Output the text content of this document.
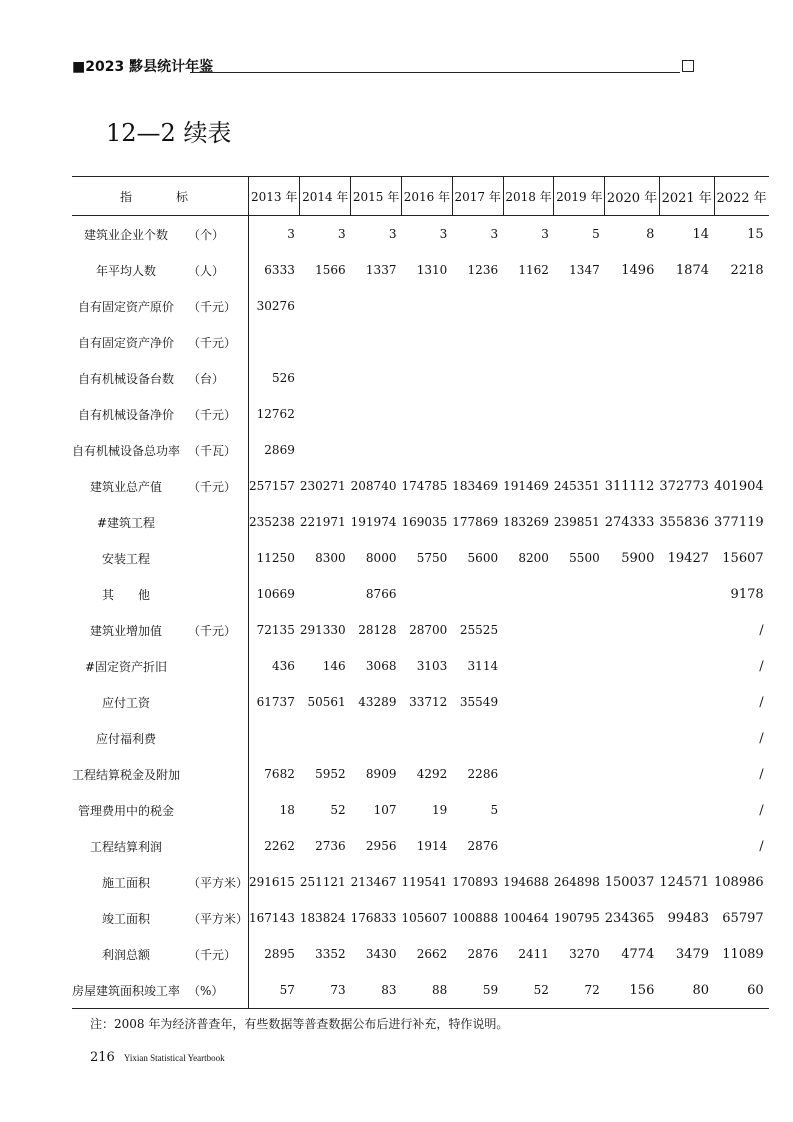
■2023 黟县统计年鉴
12—2 续表
指 标		2013 年	2014 年	2015 年	2016 年	2017 年	2018 年	2019 年	2020 年	2021 年	2022 年
建筑业企业个数	（个）	3	3	3	3	3	3	5	8	14	15
年平均人数	（人）	6333	1566	1337	1310	1236	1162	1347	1496	1874	2218
自有固定资产原价	（千元）	30276									
自有固定资产净价	（千元）										
自有机械设备台数	（台）	526									
自有机械设备净价	（千元）	12762									
自有机械设备总功率	（千瓦）	2869									
建筑业总产值	（千元）	257157	230271	208740	174785	183469	191469	245351	311112	372773	401904
#建筑工程		235238	221971	191974	169035	177869	183269	239851	274333	355836	377119
安装工程		11250	8300	8000	5750	5600	8200	5500	5900	19427	15607
其　　他		10669		8766							9178
建筑业增加值	（千元）	72135	291330	28128	28700	25525					/
#固定资产折旧		436	146	3068	3103	3114					/
应付工资		61737	50561	43289	33712	35549					/
应付福利费											/
工程结算税金及附加		7682	5952	8909	4292	2286					/
管理费用中的税金		18	52	107	19	5					/
工程结算利润		2262	2736	2956	1914	2876					/
施工面积	（平方米）	291615	251121	213467	119541	170893	194688	264898	150037	124571	108986
竣工面积	（平方米）	167143	183824	176833	105607	100888	100464	190795	234365	99483	65797
利润总额	（千元）	2895	3352	3430	2662	2876	2411	3270	4774	3479	11089
房屋建筑面积竣工率	（%）	57	73	83	88	59	52	72	156	80	60
注：2008 年为经济普查年，有些数据等普查数据公布后进行补充，特作说明。
216 Yixian Statistical Yeartbook
